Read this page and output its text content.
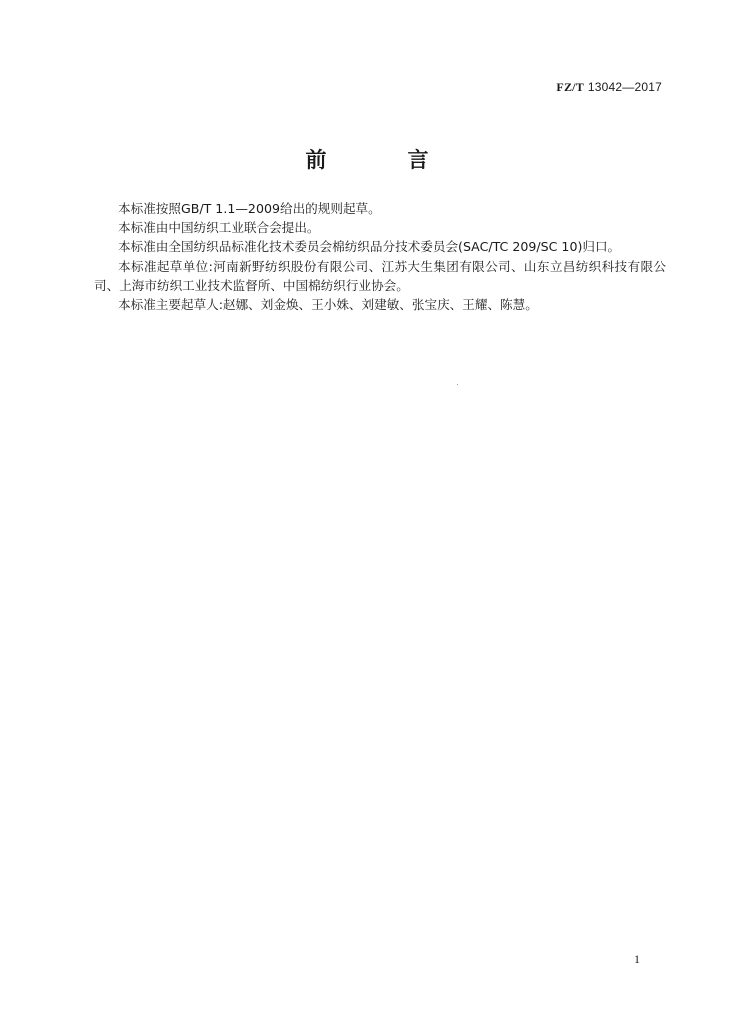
FZ/T 13042—2017
前　言

本标准按照GB/T 1.1—2009给出的规则起草。

本标准由中国纺织工业联合会提出。

本标准由全国纺织品标准化技术委员会棉纺织品分技术委员会(SAC/TC 209/SC 10)归口。

本标准起草单位:河南新野纺织股份有限公司、江苏大生集团有限公司、山东立昌纺织科技有限公司、上海市纺织工业技术监督所、中国棉纺织行业协会。

本标准主要起草人:赵娜、刘金焕、王小姝、刘建敏、张宝庆、王耀、陈慧。

1
